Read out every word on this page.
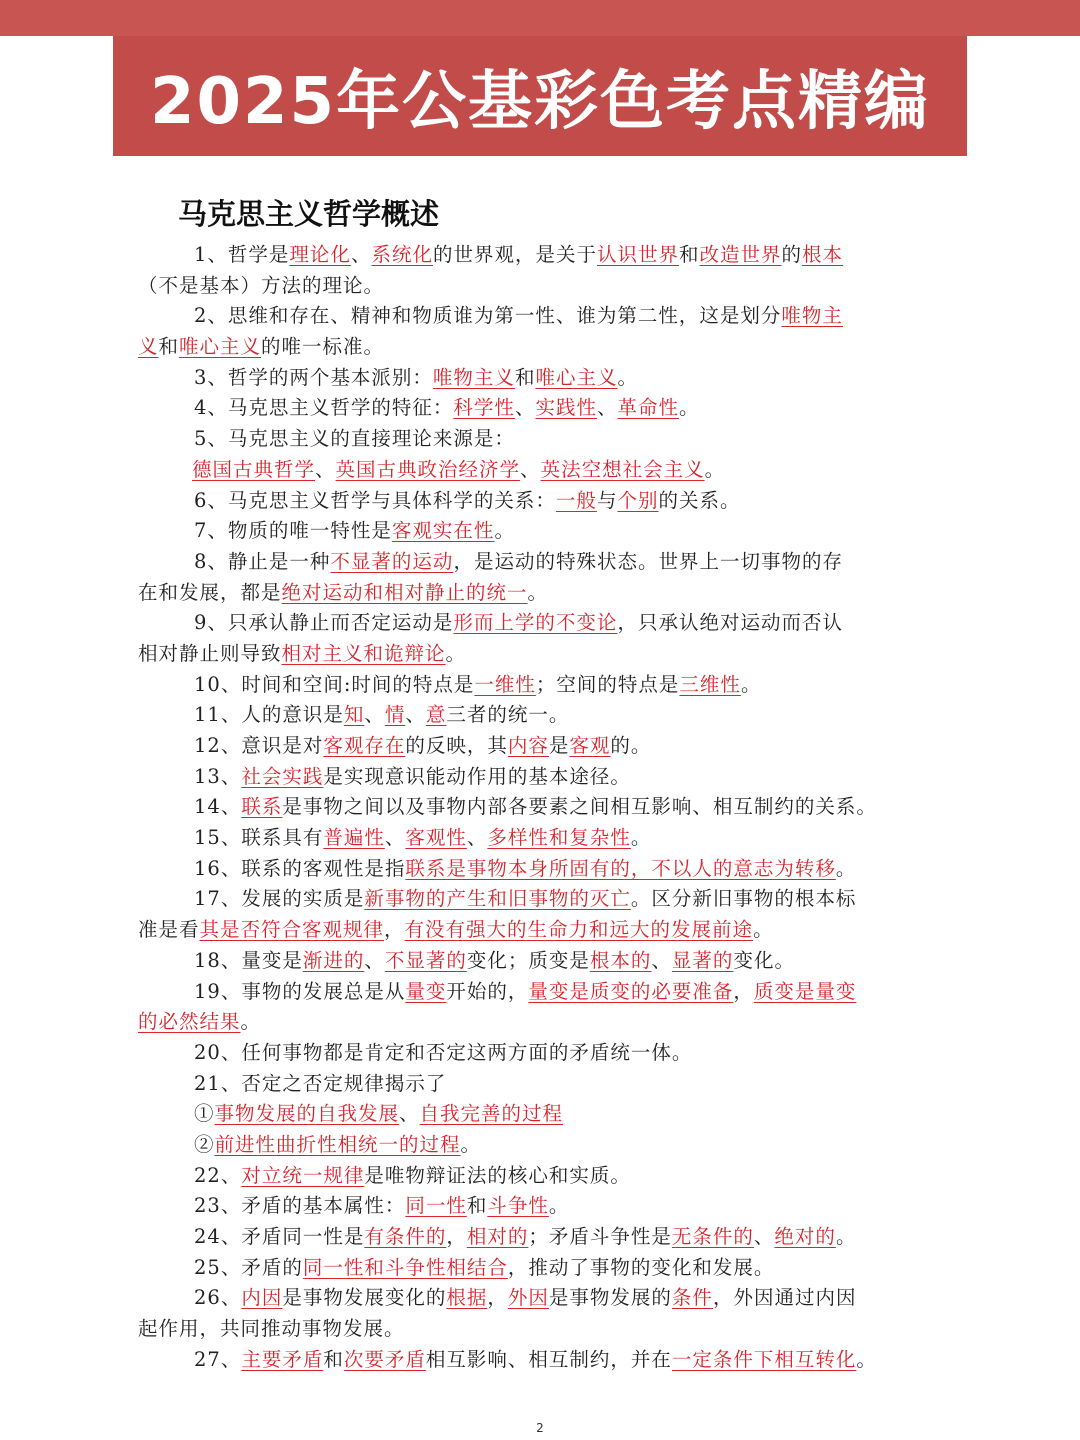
2025年公基彩色考点精编
马克思主义哲学概述
1、哲学是理论化、系统化的世界观，是关于认识世界和改造世界的根本
（不是基本）方法的理论。
2、思维和存在、精神和物质谁为第一性、谁为第二性，这是划分唯物主
义和唯心主义的唯一标准。
3、哲学的两个基本派别：唯物主义和唯心主义。
4、马克思主义哲学的特征：科学性、实践性、革命性。
5、马克思主义的直接理论来源是：
德国古典哲学、英国古典政治经济学、英法空想社会主义。
6、马克思主义哲学与具体科学的关系：一般与个别的关系。
7、物质的唯一特性是客观实在性。
8、静止是一种不显著的运动，是运动的特殊状态。世界上一切事物的存
在和发展，都是绝对运动和相对静止的统一。
9、只承认静止而否定运动是形而上学的不变论，只承认绝对运动而否认
相对静止则导致相对主义和诡辩论。
10、时间和空间:时间的特点是一维性；空间的特点是三维性。
11、人的意识是知、情、意三者的统一。
12、意识是对客观存在的反映，其内容是客观的。
13、社会实践是实现意识能动作用的基本途径。
14、联系是事物之间以及事物内部各要素之间相互影响、相互制约的关系。
15、联系具有普遍性、客观性、多样性和复杂性。
16、联系的客观性是指联系是事物本身所固有的，不以人的意志为转移。
17、发展的实质是新事物的产生和旧事物的灭亡。区分新旧事物的根本标
准是看其是否符合客观规律，有没有强大的生命力和远大的发展前途。
18、量变是渐进的、不显著的变化；质变是根本的、显著的变化。
19、事物的发展总是从量变开始的，量变是质变的必要准备，质变是量变
的必然结果。
20、任何事物都是肯定和否定这两方面的矛盾统一体。
21、否定之否定规律揭示了
①事物发展的自我发展、自我完善的过程
②前进性曲折性相统一的过程。
22、对立统一规律是唯物辩证法的核心和实质。
23、矛盾的基本属性：同一性和斗争性。
24、矛盾同一性是有条件的，相对的；矛盾斗争性是无条件的、绝对的。
25、矛盾的同一性和斗争性相结合，推动了事物的变化和发展。
26、内因是事物发展变化的根据，外因是事物发展的条件，外因通过内因
起作用，共同推动事物发展。
27、主要矛盾和次要矛盾相互影响、相互制约，并在一定条件下相互转化。
2
